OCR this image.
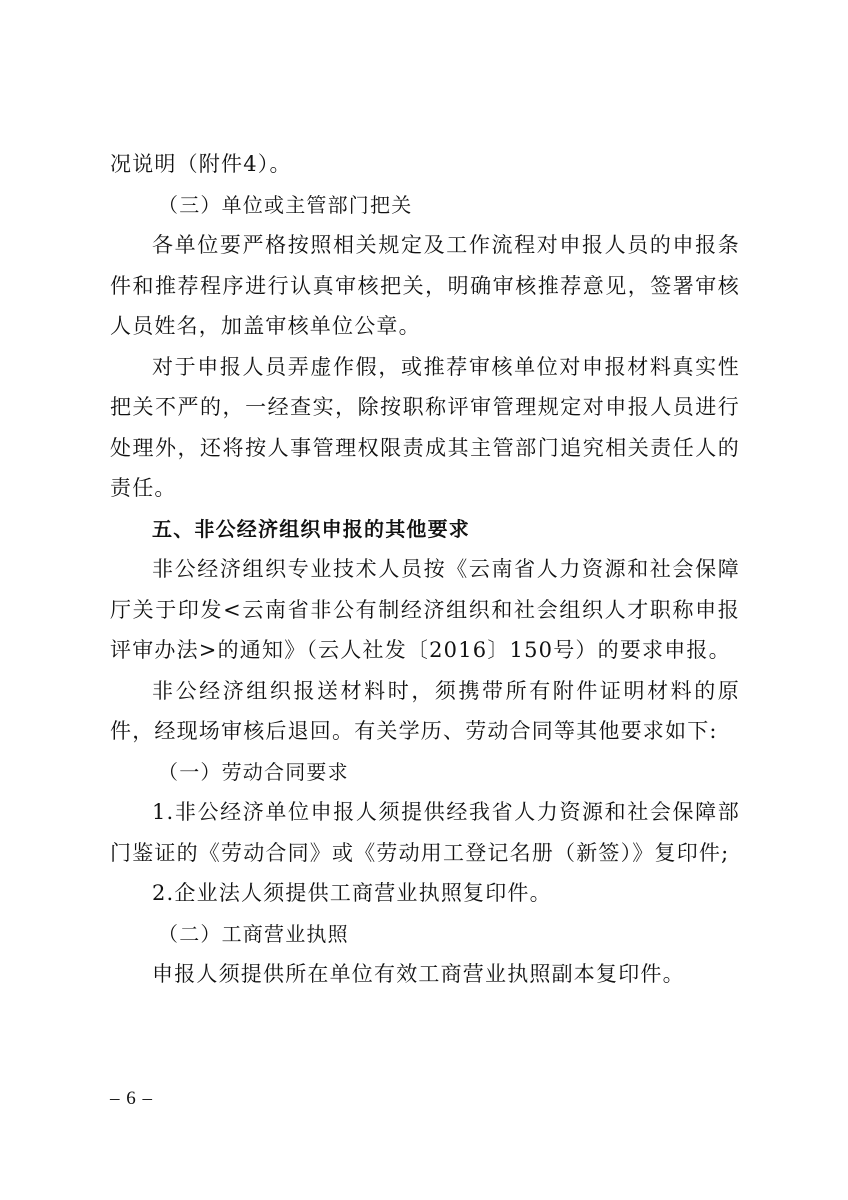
况说明（附件4）。

（三）单位或主管部门把关

各单位要严格按照相关规定及工作流程对申报人员的申报条件和推荐程序进行认真审核把关，明确审核推荐意见，签署审核人员姓名，加盖审核单位公章。

对于申报人员弄虚作假，或推荐审核单位对申报材料真实性把关不严的，一经查实，除按职称评审管理规定对申报人员进行处理外，还将按人事管理权限责成其主管部门追究相关责任人的责任。

五、非公经济组织申报的其他要求

非公经济组织专业技术人员按《云南省人力资源和社会保障厅关于印发<云南省非公有制经济组织和社会组织人才职称申报评审办法>的通知》（云人社发〔2016〕150号）的要求申报。

非公经济组织报送材料时，须携带所有附件证明材料的原件，经现场审核后退回。有关学历、劳动合同等其他要求如下:

（一）劳动合同要求

1.非公经济单位申报人须提供经我省人力资源和社会保障部门鉴证的《劳动合同》或《劳动用工登记名册（新签）》复印件;

2.企业法人须提供工商营业执照复印件。

（二）工商营业执照

申报人须提供所在单位有效工商营业执照副本复印件。

– 6 –
